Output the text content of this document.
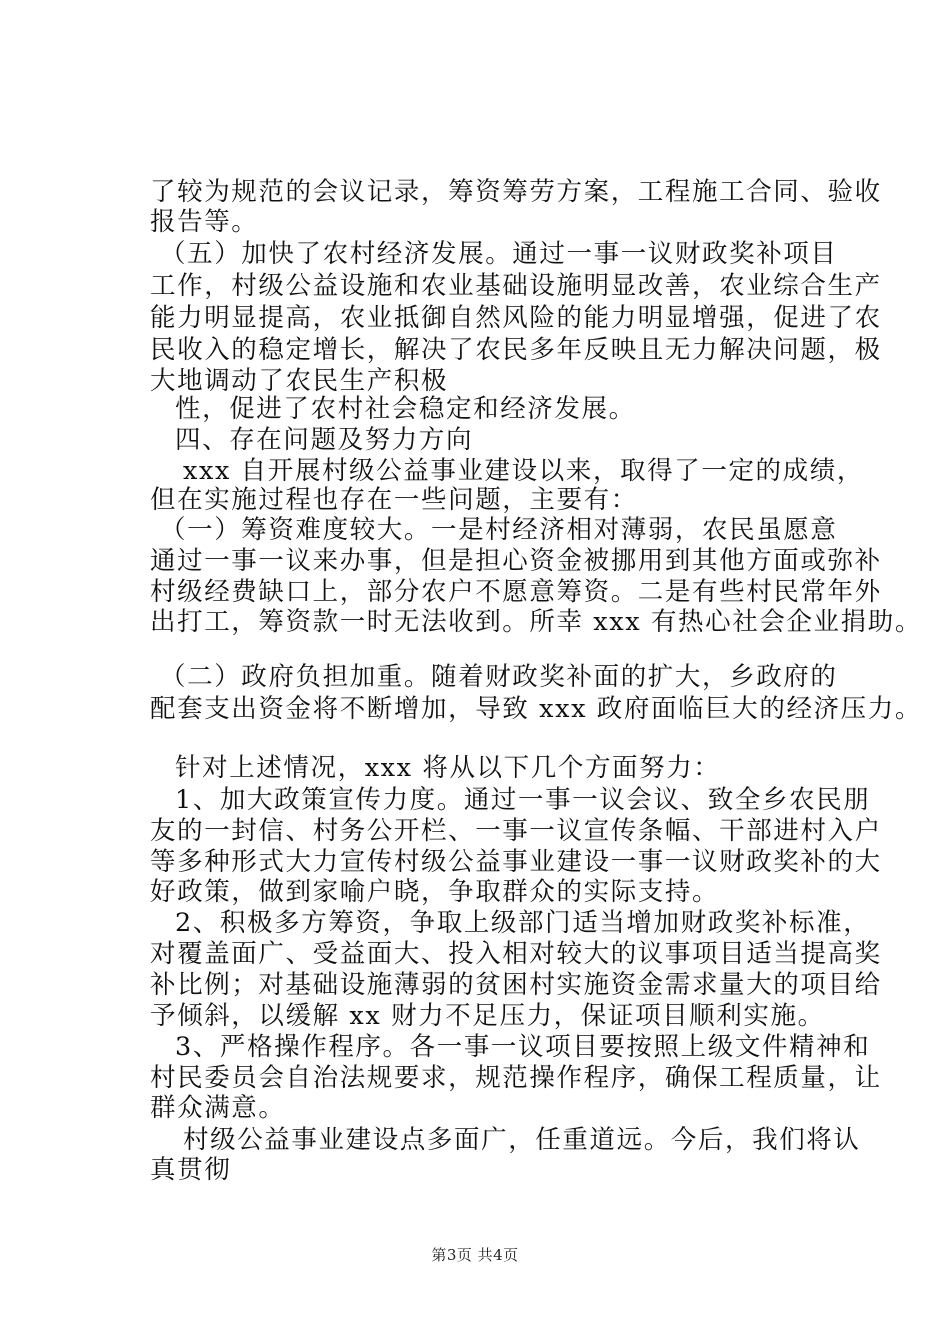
了较为规范的会议记录，筹资筹劳方案，工程施工合同、验收
报告等。
（五）加快了农村经济发展。通过一事一议财政奖补项目
工作，村级公益设施和农业基础设施明显改善，农业综合生产
能力明显提高，农业抵御自然风险的能力明显增强，促进了农
民收入的稳定增长，解决了农民多年反映且无力解决问题，极
大地调动了农民生产积极
性，促进了农村社会稳定和经济发展。
四、存在问题及努力方向
xxx 自开展村级公益事业建设以来，取得了一定的成绩，
但在实施过程也存在一些问题，主要有：
（一）筹资难度较大。一是村经济相对薄弱，农民虽愿意
通过一事一议来办事，但是担心资金被挪用到其他方面或弥补
村级经费缺口上，部分农户不愿意筹资。二是有些村民常年外
出打工，筹资款一时无法收到。所幸 xxx 有热心社会企业捐助。
（二）政府负担加重。随着财政奖补面的扩大，乡政府的
配套支出资金将不断增加，导致 xxx 政府面临巨大的经济压力。
针对上述情况，xxx 将从以下几个方面努力：
1、加大政策宣传力度。通过一事一议会议、致全乡农民朋
友的一封信、村务公开栏、一事一议宣传条幅、干部进村入户
等多种形式大力宣传村级公益事业建设一事一议财政奖补的大
好政策，做到家喻户晓，争取群众的实际支持。
2、积极多方筹资，争取上级部门适当增加财政奖补标准，
对覆盖面广、受益面大、投入相对较大的议事项目适当提高奖
补比例；对基础设施薄弱的贫困村实施资金需求量大的项目给
予倾斜，以缓解 xx 财力不足压力，保证项目顺利实施。
3、严格操作程序。各一事一议项目要按照上级文件精神和
村民委员会自治法规要求，规范操作程序，确保工程质量，让
群众满意。
村级公益事业建设点多面广，任重道远。今后，我们将认
真贯彻
第3页 共4页
